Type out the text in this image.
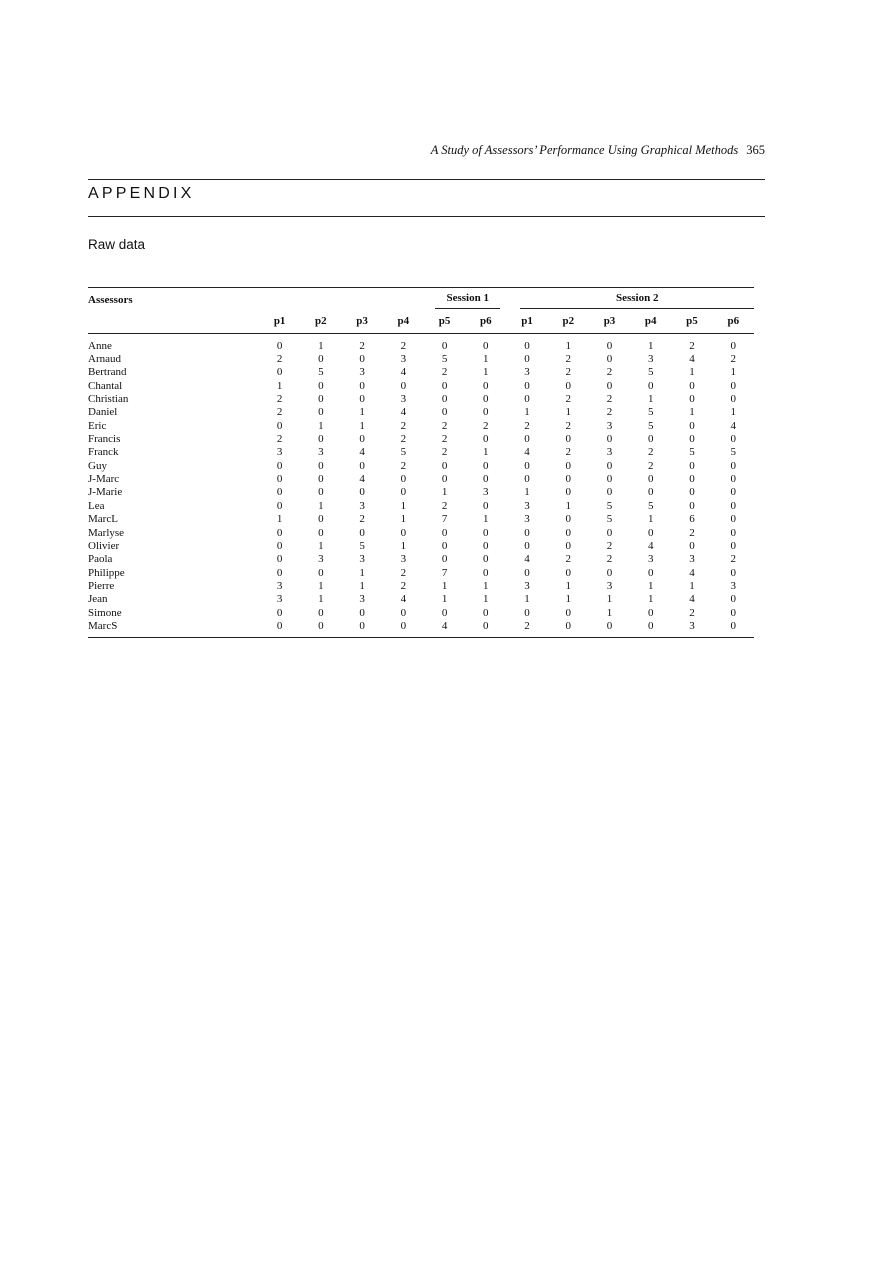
A Study of Assessors’ Performance Using Graphical Methods 365
APPENDIX
Raw data
Assessors	Session 1						Session 2					

	p1	p2	p3	p4	p5	p6	p1	p2	p3	p4	p5	p6
Anne	0	1	2	2	0	0	0	1	0	1	2	0
Arnaud	2	0	0	3	5	1	0	2	0	3	4	2
Bertrand	0	5	3	4	2	1	3	2	2	5	1	1
Chantal	1	0	0	0	0	0	0	0	0	0	0	0
Christian	2	0	0	3	0	0	0	2	2	1	0	0
Daniel	2	0	1	4	0	0	1	1	2	5	1	1
Eric	0	1	1	2	2	2	2	2	3	5	0	4
Francis	2	0	0	2	2	0	0	0	0	0	0	0
Franck	3	3	4	5	2	1	4	2	3	2	5	5
Guy	0	0	0	2	0	0	0	0	0	2	0	0
J-Marc	0	0	4	0	0	0	0	0	0	0	0	0
J-Marie	0	0	0	0	1	3	1	0	0	0	0	0
Lea	0	1	3	1	2	0	3	1	5	5	0	0
MarcL	1	0	2	1	7	1	3	0	5	1	6	0
Marlyse	0	0	0	0	0	0	0	0	0	0	2	0
Olivier	0	1	5	1	0	0	0	0	2	4	0	0
Paola	0	3	3	3	0	0	4	2	2	3	3	2
Philippe	0	0	1	2	7	0	0	0	0	0	4	0
Pierre	3	1	1	2	1	1	3	1	3	1	1	3
Jean	3	1	3	4	1	1	1	1	1	1	4	0
Simone	0	0	0	0	0	0	0	0	1	0	2	0
MarcS	0	0	0	0	4	0	2	0	0	0	3	0
